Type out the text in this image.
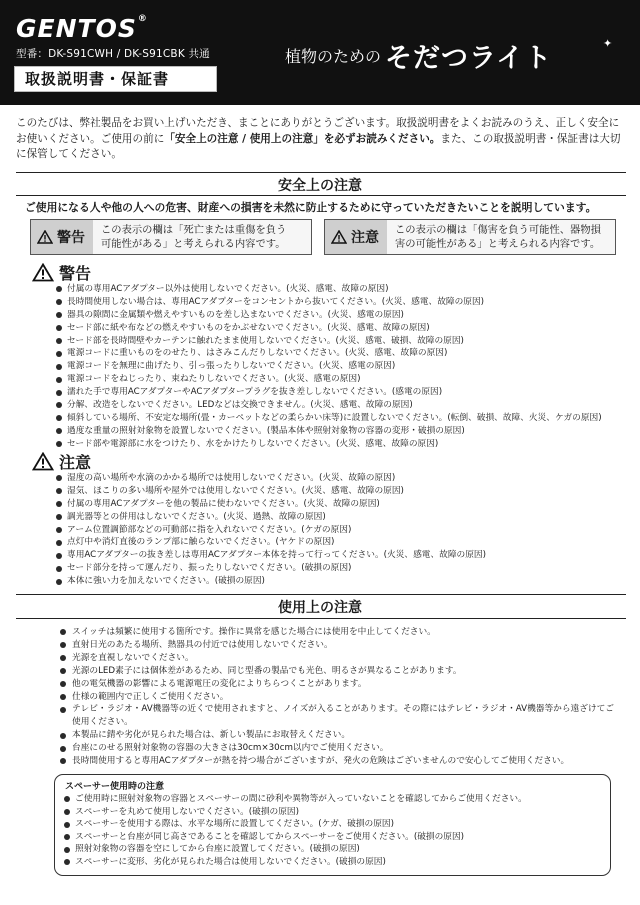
GENTOS®
型番：DK-S91CWH / DK-S91CBK 共通
取扱説明書・保証書
植物のための そだつライト	✦

このたびは、弊社製品をお買い上げいただき、まことにありがとうございます。取扱説明書をよくお読みのうえ、正しく安全にお使いください。ご使用の前に「安全上の注意 / 使用上の注意」を必ずお読みください。また、この取扱説明書・保証書は大切に保管してください。

安全上の注意
ご使用になる人や他の人への危害、財産への損害を未然に防止するために守っていただきたいことを説明しています。
警告 この表示の欄は「死亡または重傷を負う
可能性がある」と考えられる内容です。	注意 この表示の欄は「傷害を負う可能性、器物損
害の可能性がある」と考えられる内容です。
警告
付属の専用ACアダプター以外は使用しないでください。(火災、感電、故障の原因)
長時間使用しない場合は、専用ACアダプターをコンセントから抜いてください。(火災、感電、故障の原因)
器具の隙間に金属類や燃えやすいものを差し込まないでください。(火災、感電の原因)
セード部に紙や布などの燃えやすいものをかぶせないでください。(火災、感電、故障の原因)
セード部を長時間壁やカーテンに触れたまま使用しないでください。(火災、感電、破損、故障の原因)
電源コードに重いものをのせたり、はさみこんだりしないでください。(火災、感電、故障の原因)
電源コードを無理に曲げたり、引っ張ったりしないでください。(火災、感電の原因)
電源コードをねじったり、束ねたりしないでください。(火災、感電の原因)
濡れた手で専用ACアダプターやACアダプタープラグを抜き差ししないでください。(感電の原因)
分解、改造をしないでください。LEDなどは交換できません。(火災、感電、故障の原因)
傾斜している場所、不安定な場所(畳・カーペットなどの柔らかい床等)に設置しないでください。(転倒、破損、故障、火災、ケガの原因)
過度な重量の照射対象物を設置しないでください。(製品本体や照射対象物の容器の変形・破損の原因)
セード部や電源部に水をつけたり、水をかけたりしないでください。(火災、感電、故障の原因)
注意
湿度の高い場所や水滴のかかる場所では使用しないでください。(火災、故障の原因)
湿気、ほこりの多い場所や屋外では使用しないでください。(火災、感電、故障の原因)
付属の専用ACアダプターを他の製品に使わないでください。(火災、故障の原因)
調光器等との併用はしないでください。(火災、過熱、故障の原因)
アーム位置調節部などの可動部に指を入れないでください。(ケガの原因)
点灯中や消灯直後のランプ部に触らないでください。(ヤケドの原因)
専用ACアダプターの抜き差しは専用ACアダプター本体を持って行ってください。(火災、感電、故障の原因)
セード部分を持って運んだり、振ったりしないでください。(破損の原因)
本体に強い力を加えないでください。(破損の原因)
使用上の注意
スイッチは頻繁に使用する箇所です。操作に異常を感じた場合には使用を中止してください。
直射日光のあたる場所、熱器具の付近では使用しないでください。
光源を直視しないでください。
光源のLED素子には個体差があるため、同じ型番の製品でも光色、明るさが異なることがあります。
他の電気機器の影響による電源電圧の変化によりちらつくことがあります。
仕様の範囲内で正しくご使用ください。
テレビ・ラジオ・AV機器等の近くで使用されますと、ノイズが入ることがあります。その際にはテレビ・ラジオ・AV機器等から遠ざけてご使用ください。
本製品に錆や劣化が見られた場合は、新しい製品にお取替えください。
台座にのせる照射対象物の容器の大きさは30cm×30cm以内でご使用ください。
長時間使用すると専用ACアダプターが熱を持つ場合がございますが、発火の危険はございませんので安心してご使用ください。
スペーサー使用時の注意
ご使用時に照射対象物の容器とスペーサーの間に砂利や異物等が入っていないことを確認してからご使用ください。
スペーサーを丸めて使用しないでください。(破損の原因)
スペーサーを使用する際は、水平な場所に設置してください。(ケガ、破損の原因)
スペーサーと台座が同じ高さであることを確認してからスペーサーをご使用ください。(破損の原因)
照射対象物の容器を空にしてから台座に設置してください。(破損の原因)
スペーサーに変形、劣化が見られた場合は使用しないでください。(破損の原因)
